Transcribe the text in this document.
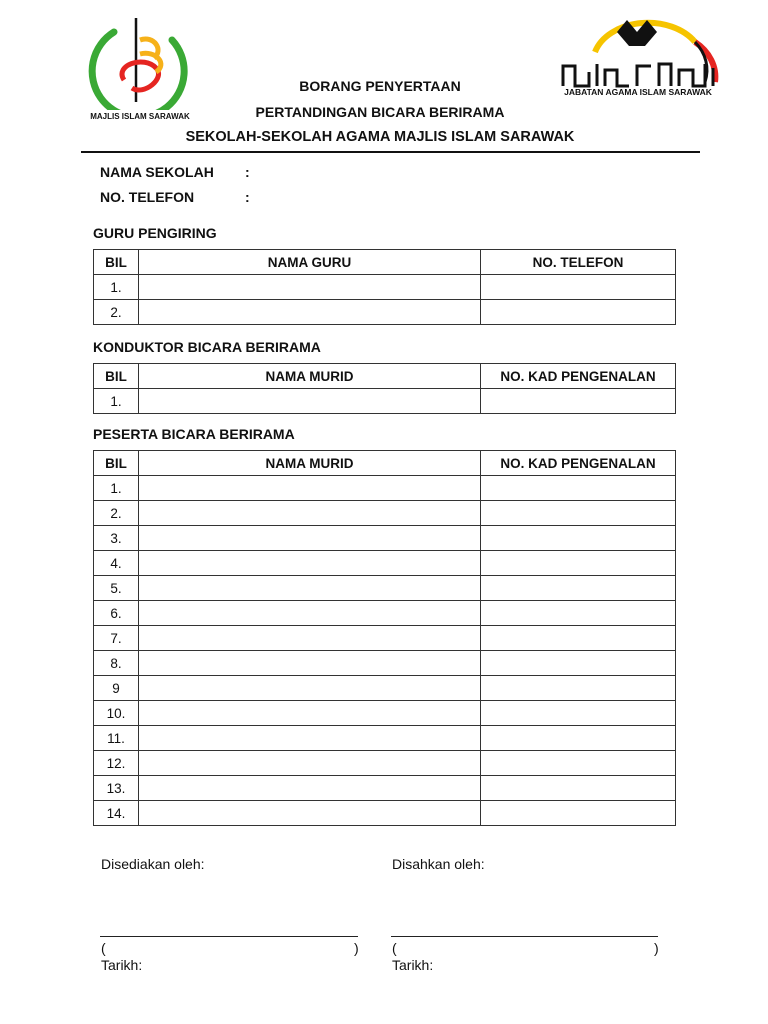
MAJLIS ISLAM SARAWAK
JABATAN AGAMA ISLAM SARAWAK
BORANG PENYERTAAN
PERTANDINGAN BICARA BERIRAMA
SEKOLAH-SEKOLAH AGAMA MAJLIS ISLAM SARAWAK
NAMA SEKOLAH :
NO. TELEFON	:
GURU PENGIRING
BIL	NAMA GURU	NO. TELEFON
1.		
2.		
KONDUKTOR BICARA BERIRAMA
BIL	NAMA MURID	NO. KAD PENGENALAN
1.		
PESERTA BICARA BERIRAMA
BIL	NAMA MURID	NO. KAD PENGENALAN
1.		
2.		
3.		
4.		
5.		
6.		
7.		
8.		
9		
10.		
11.		
12.		
13.		
14.		
Disediakan oleh:	Disahkan oleh:
(	) (	)
Tarikh:	Tarikh:
